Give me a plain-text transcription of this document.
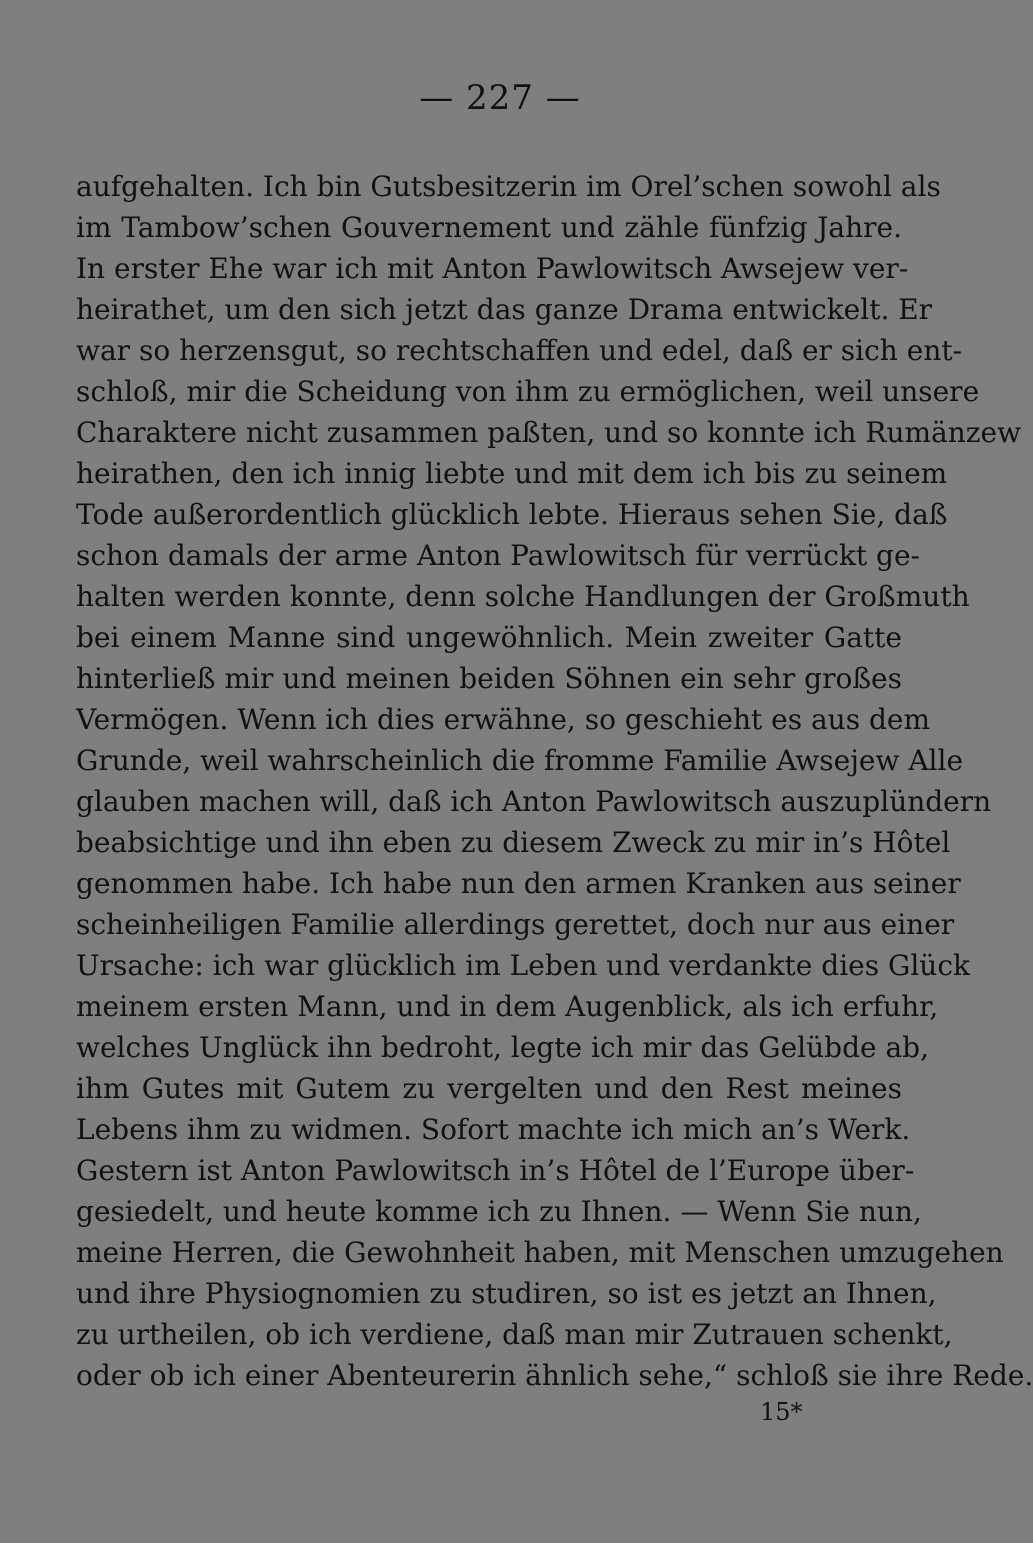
— 227 —
aufgehalten. Ich bin Gutsbesitzerin im Orel’schen sowohl als
im Tambow’schen Gouvernement und zähle fünfzig Jahre.
In erster Ehe war ich mit Anton Pawlowitsch Awsejew ver-
heirathet, um den sich jetzt das ganze Drama entwickelt. Er
war so herzensgut, so rechtschaffen und edel, daß er sich ent-
schloß, mir die Scheidung von ihm zu ermöglichen, weil unsere
Charaktere nicht zusammen paßten, und so konnte ich Rumänzew
heirathen, den ich innig liebte und mit dem ich bis zu seinem
Tode außerordentlich glücklich lebte. Hieraus sehen Sie, daß
schon damals der arme Anton Pawlowitsch für verrückt ge-
halten werden konnte, denn solche Handlungen der Großmuth
bei einem Manne sind ungewöhnlich. Mein zweiter Gatte
hinterließ mir und meinen beiden Söhnen ein sehr großes
Vermögen. Wenn ich dies erwähne, so geschieht es aus dem
Grunde, weil wahrscheinlich die fromme Familie Awsejew Alle
glauben machen will, daß ich Anton Pawlowitsch auszuplündern
beabsichtige und ihn eben zu diesem Zweck zu mir in’s Hôtel
genommen habe. Ich habe nun den armen Kranken aus seiner
scheinheiligen Familie allerdings gerettet, doch nur aus einer
Ursache: ich war glücklich im Leben und verdankte dies Glück
meinem ersten Mann, und in dem Augenblick, als ich erfuhr,
welches Unglück ihn bedroht, legte ich mir das Gelübde ab,
ihm Gutes mit Gutem zu vergelten und den Rest meines
Lebens ihm zu widmen. Sofort machte ich mich an’s Werk.
Gestern ist Anton Pawlowitsch in’s Hôtel de l’Europe über-
gesiedelt, und heute komme ich zu Ihnen. — Wenn Sie nun,
meine Herren, die Gewohnheit haben, mit Menschen umzugehen
und ihre Physiognomien zu studiren, so ist es jetzt an Ihnen,
zu urtheilen, ob ich verdiene, daß man mir Zutrauen schenkt,
oder ob ich einer Abenteurerin ähnlich sehe,“ schloß sie ihre Rede.
15*
